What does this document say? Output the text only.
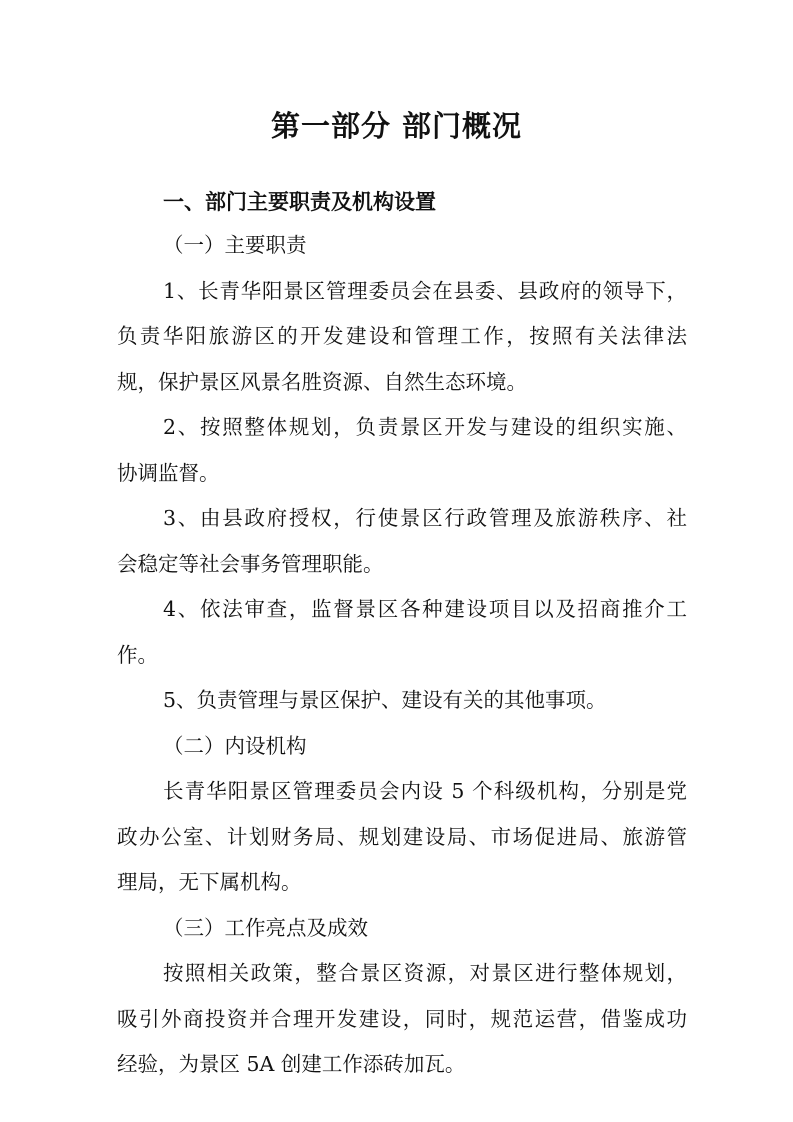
第一部分 部门概况
一、部门主要职责及机构设置
（一）主要职责
1、长青华阳景区管理委员会在县委、县政府的领导下，
负责华阳旅游区的开发建设和管理工作，按照有关法律法
规，保护景区风景名胜资源、自然生态环境。
2、按照整体规划，负责景区开发与建设的组织实施、
协调监督。
3、由县政府授权，行使景区行政管理及旅游秩序、社
会稳定等社会事务管理职能。
4、依法审查，监督景区各种建设项目以及招商推介工
作。
5、负责管理与景区保护、建设有关的其他事项。
（二）内设机构
长青华阳景区管理委员会内设 5 个科级机构，分别是党
政办公室、计划财务局、规划建设局、市场促进局、旅游管
理局，无下属机构。
（三）工作亮点及成效
按照相关政策，整合景区资源，对景区进行整体规划，
吸引外商投资并合理开发建设，同时，规范运营，借鉴成功
经验，为景区 5A 创建工作添砖加瓦。
